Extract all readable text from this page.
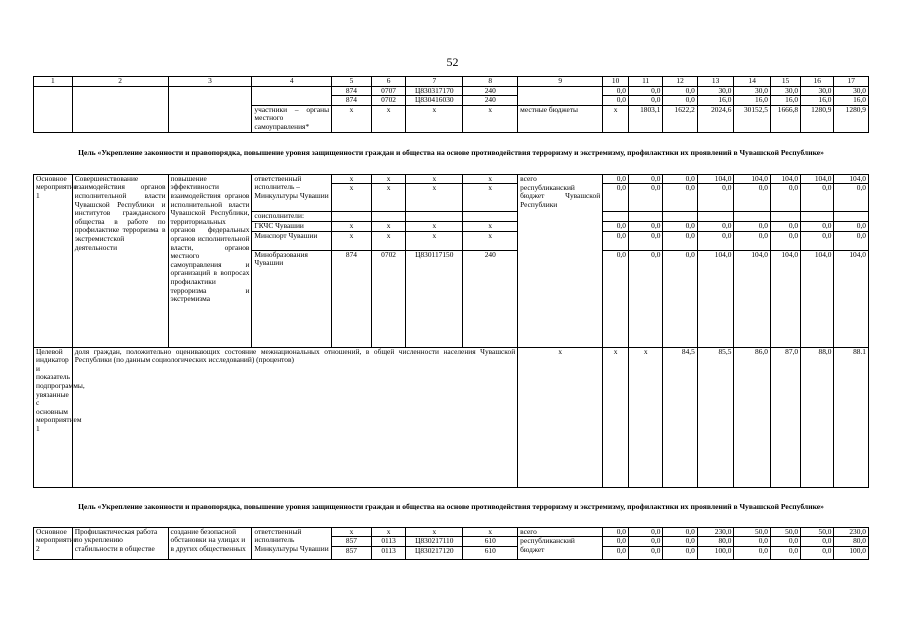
52
1	2	3	4	5	6	7	8	9	10	11	12	13	14	15	16	17
				874	0707	Ц830317170	240		0,0	0,0	0,0	30,0	30,0	30,0	30,0	30,0
				874	0702	Ц830416030	240		0,0	0,0	0,0	16,0	16,0	16,0	16,0	16,0
			участники – органы местного самоуправления*	x	x	x	x	местные бюджеты	x	1803,1	1622,2	2024,6	30152,5	1666,8	1280,9	1280,9
Цель «Укрепление законности и правопорядка, повышение уровня защищенности граждан и общества на основе противодействия терроризму и экстремизму, профилактики их проявлений в Чувашской Республике»																
Основное мероприятие 1	Совершенствование взаимодействия органов исполнительной власти Чувашской Республики и институтов гражданского общества в работе по профилактике терроризма в экстремистской деятельности	повышение эффективности взаимодействия органов исполнительной власти Чувашской Республики, территориальных органов федеральных органов исполнительной власти, органов местного самоуправления и организаций в вопросах профилактики терроризма и экстремизма	ответственный исполнитель – Минкультуры Чувашии	x	x	x	x	всего	0,0	0,0	0,0	104,0	104,0	104,0	104,0	104,0
				x	x	x	x	республиканский бюджет Чувашской Республики	0,0	0,0	0,0	0,0	0,0	0,0	0,0	0,0
			соисполнители:													
			ГКЧС Чувашии	x	x	x	x		0,0	0,0	0,0	0,0	0,0	0,0	0,0	0,0
			Минспорт Чувашии	x	x	x	x		0,0	0,0	0,0	0,0	0,0	0,0	0,0	0,0
			Минобразования Чувашии	874	0702	Ц830117150	240		0,0	0,0	0,0	104,0	104,0	104,0	104,0	104,0
Целевой индикатор и показатель подпрограммы, увязанные с основным мероприятием 1	доля граждан, положительно оценивающих состояние межнациональных отношений, в общей численности населения Чувашской Республики (по данным социологических исследований) (процентов)							x	x	x	84,5	85,5	86,0	87,0	88,0	88.1
Цель «Укрепление законности и правопорядка, повышение уровня защищенности граждан и общества на основе противодействия терроризму и экстремизму, профилактики их проявлений в Чувашской Республике»																
Основное мероприятие 2	Профилактическая работа по укреплению стабильности в обществе	создание безопасной обстановки на улицах и в других общественных	ответственный исполнитель Минкультуры Чувашии	x	x	x	x	всего	0,0	0,0	0,0	230,0	50,0	50,0	50,0	230,0
				857	0113	Ц830217110	610	республиканский бюджет	0,0	0,0	0,0	80,0	0,0	0,0	0,0	80,0
				857	0113	Ц830217120	610		0,0	0,0	0,0	100,0	0,0	0,0	0,0	100,0
